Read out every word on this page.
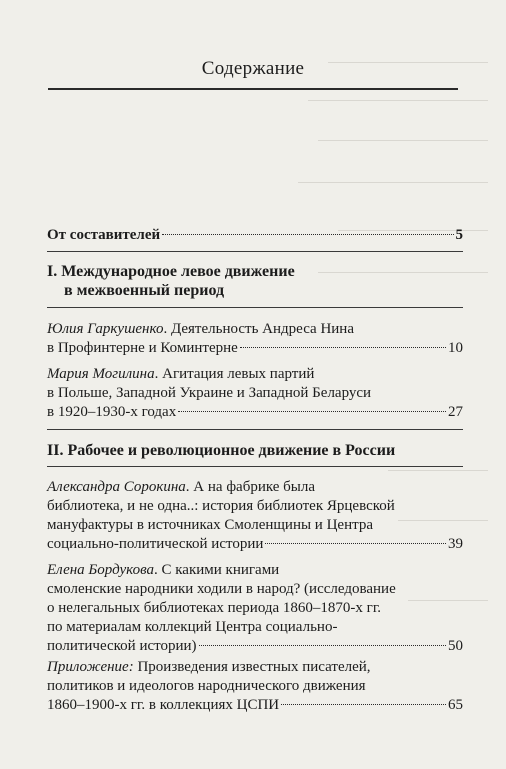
Содержание
От составителей	5
I. Международное левое движение
в межвоенный период
Юлия Гаркушенко. Деятельность Андреса Нина
в Профинтерне и Коминтерне	10
Мария Могилина. Агитация левых партий
в Польше, Западной Украине и Западной Беларуси
в 1920–1930-х годах	27
II. Рабочее и революционное движение в России
Александра Сорокина. А на фабрике была
библиотека, и не одна..: история библиотек Ярцевской
мануфактуры в источниках Смоленщины и Центра
социально-политической истории	39
Елена Бордукова. С какими книгами
смоленские народники ходили в народ? (исследование
о нелегальных библиотеках периода 1860–1870-х гг.
по материалам коллекций Центра социально-
политической истории)	50
Приложение: Произведения известных писателей,
политиков и идеологов народнического движения
1860–1900-х гг. в коллекциях ЦСПИ	65
